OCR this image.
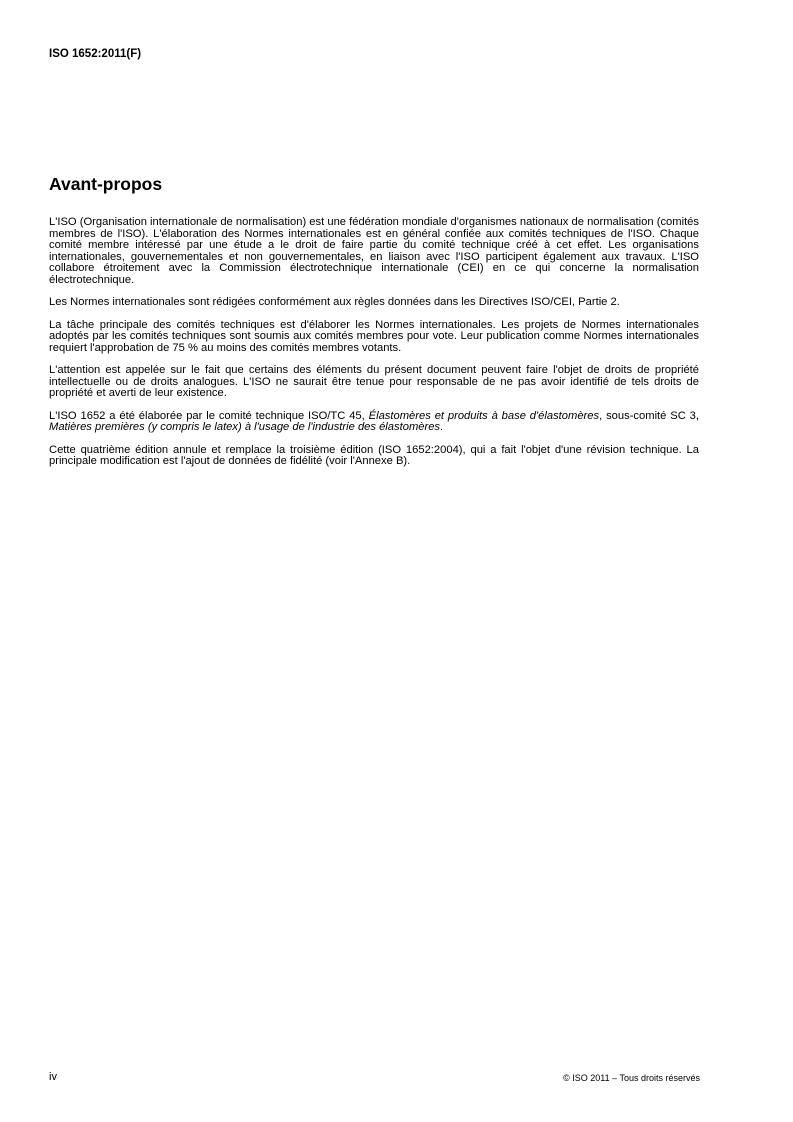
ISO 1652:2011(F)

Avant-propos

L'ISO (Organisation internationale de normalisation) est une fédération mondiale d'organismes nationaux de normalisation (comités membres de l'ISO). L'élaboration des Normes internationales est en général confiée aux comités techniques de l'ISO. Chaque comité membre intéressé par une étude a le droit de faire partie du comité technique créé à cet effet. Les organisations internationales, gouvernementales et non gouvernementales, en liaison avec l'ISO participent également aux travaux. L'ISO collabore étroitement avec la Commission électrotechnique internationale (CEI) en ce qui concerne la normalisation électrotechnique.

Les Normes internationales sont rédigées conformément aux règles données dans les Directives ISO/CEI, Partie 2.

La tâche principale des comités techniques est d'élaborer les Normes internationales. Les projets de Normes internationales adoptés par les comités techniques sont soumis aux comités membres pour vote. Leur publication comme Normes internationales requiert l'approbation de 75 % au moins des comités membres votants.

L'attention est appelée sur le fait que certains des éléments du présent document peuvent faire l'objet de droits de propriété intellectuelle ou de droits analogues. L'ISO ne saurait être tenue pour responsable de ne pas avoir identifié de tels droits de propriété et averti de leur existence.

L'ISO 1652 a été élaborée par le comité technique ISO/TC 45, Élastomères et produits à base d'élastomères, sous-comité SC 3, Matières premières (y compris le latex) à l'usage de l'industrie des élastomères.

Cette quatrième édition annule et remplace la troisième édition (ISO 1652:2004), qui a fait l'objet d'une révision technique. La principale modification est l'ajout de données de fidélité (voir l'Annexe B).

iv	© ISO 2011 – Tous droits réservés
